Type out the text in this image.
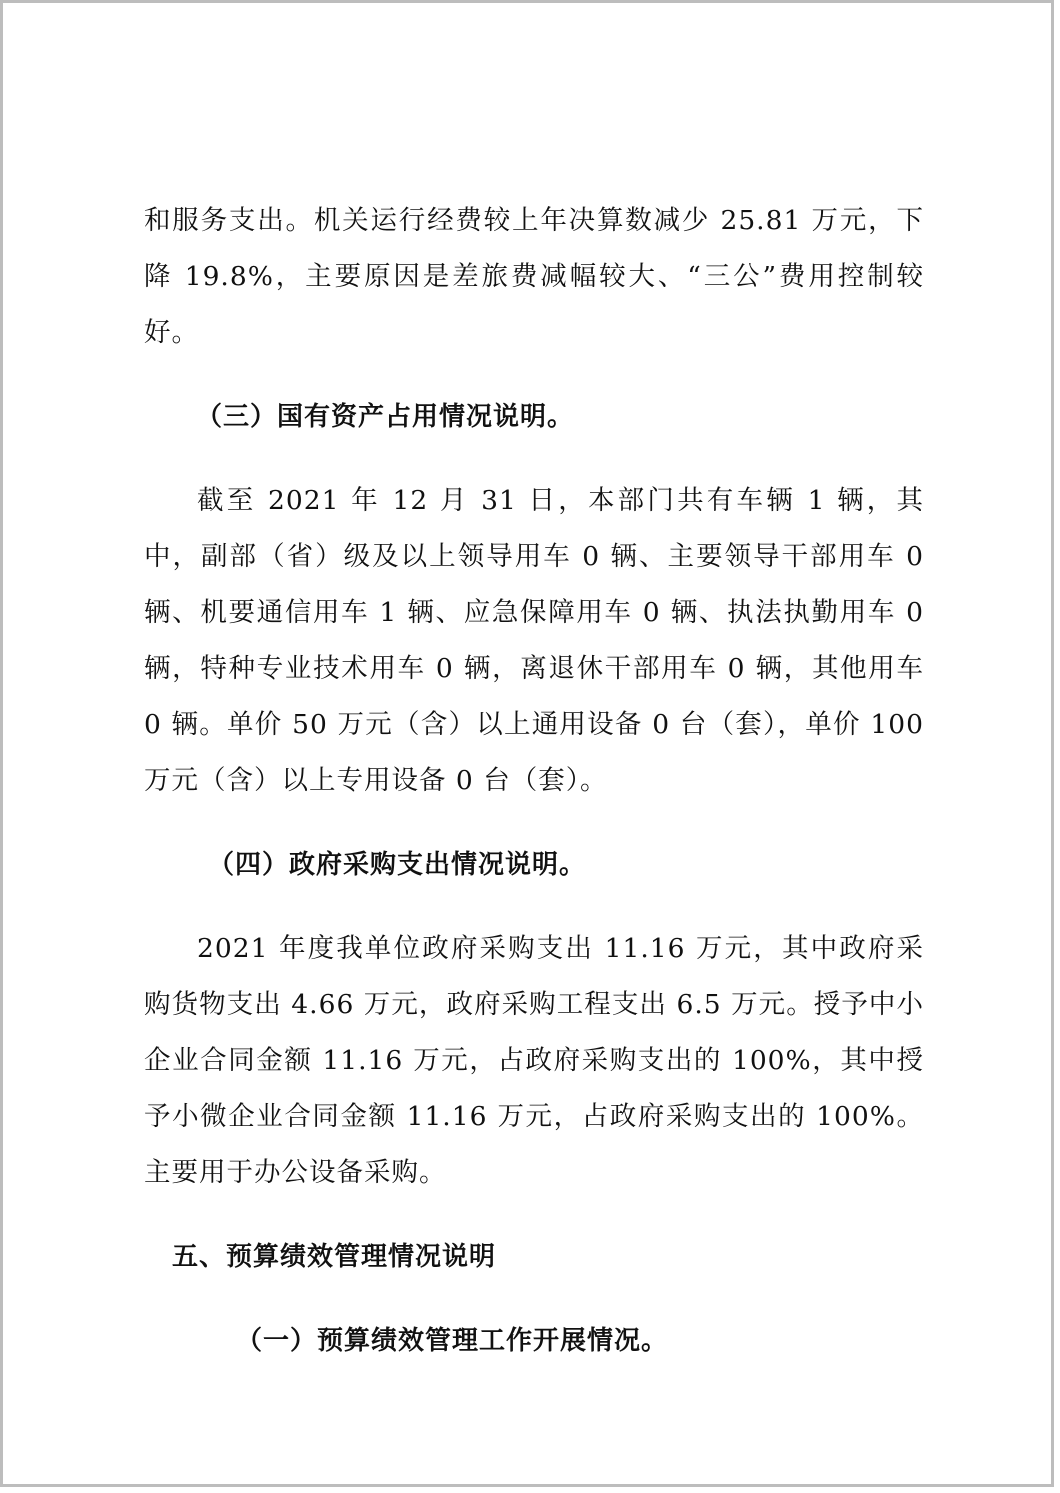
和服务支出。机关运行经费较上年决算数减少 25.81 万元，下降 19.8%，主要原因是差旅费减幅较大、“三公”费用控制较好。

（三）国有资产占用情况说明。

截至 2021 年 12 月 31 日，本部门共有车辆 1 辆，其中，副部（省）级及以上领导用车 0 辆、主要领导干部用车 0 辆、机要通信用车 1 辆、应急保障用车 0 辆、执法执勤用车 0 辆，特种专业技术用车 0 辆，离退休干部用车 0 辆，其他用车 0 辆。单价 50 万元（含）以上通用设备 0 台（套），单价 100 万元（含）以上专用设备 0 台（套）。

（四）政府采购支出情况说明。

2021 年度我单位政府采购支出 11.16 万元，其中政府采购货物支出 4.66 万元，政府采购工程支出 6.5 万元。授予中小企业合同金额 11.16 万元，占政府采购支出的 100%，其中授予小微企业合同金额 11.16 万元，占政府采购支出的 100%。主要用于办公设备采购。

五、预算绩效管理情况说明

（一）预算绩效管理工作开展情况。
